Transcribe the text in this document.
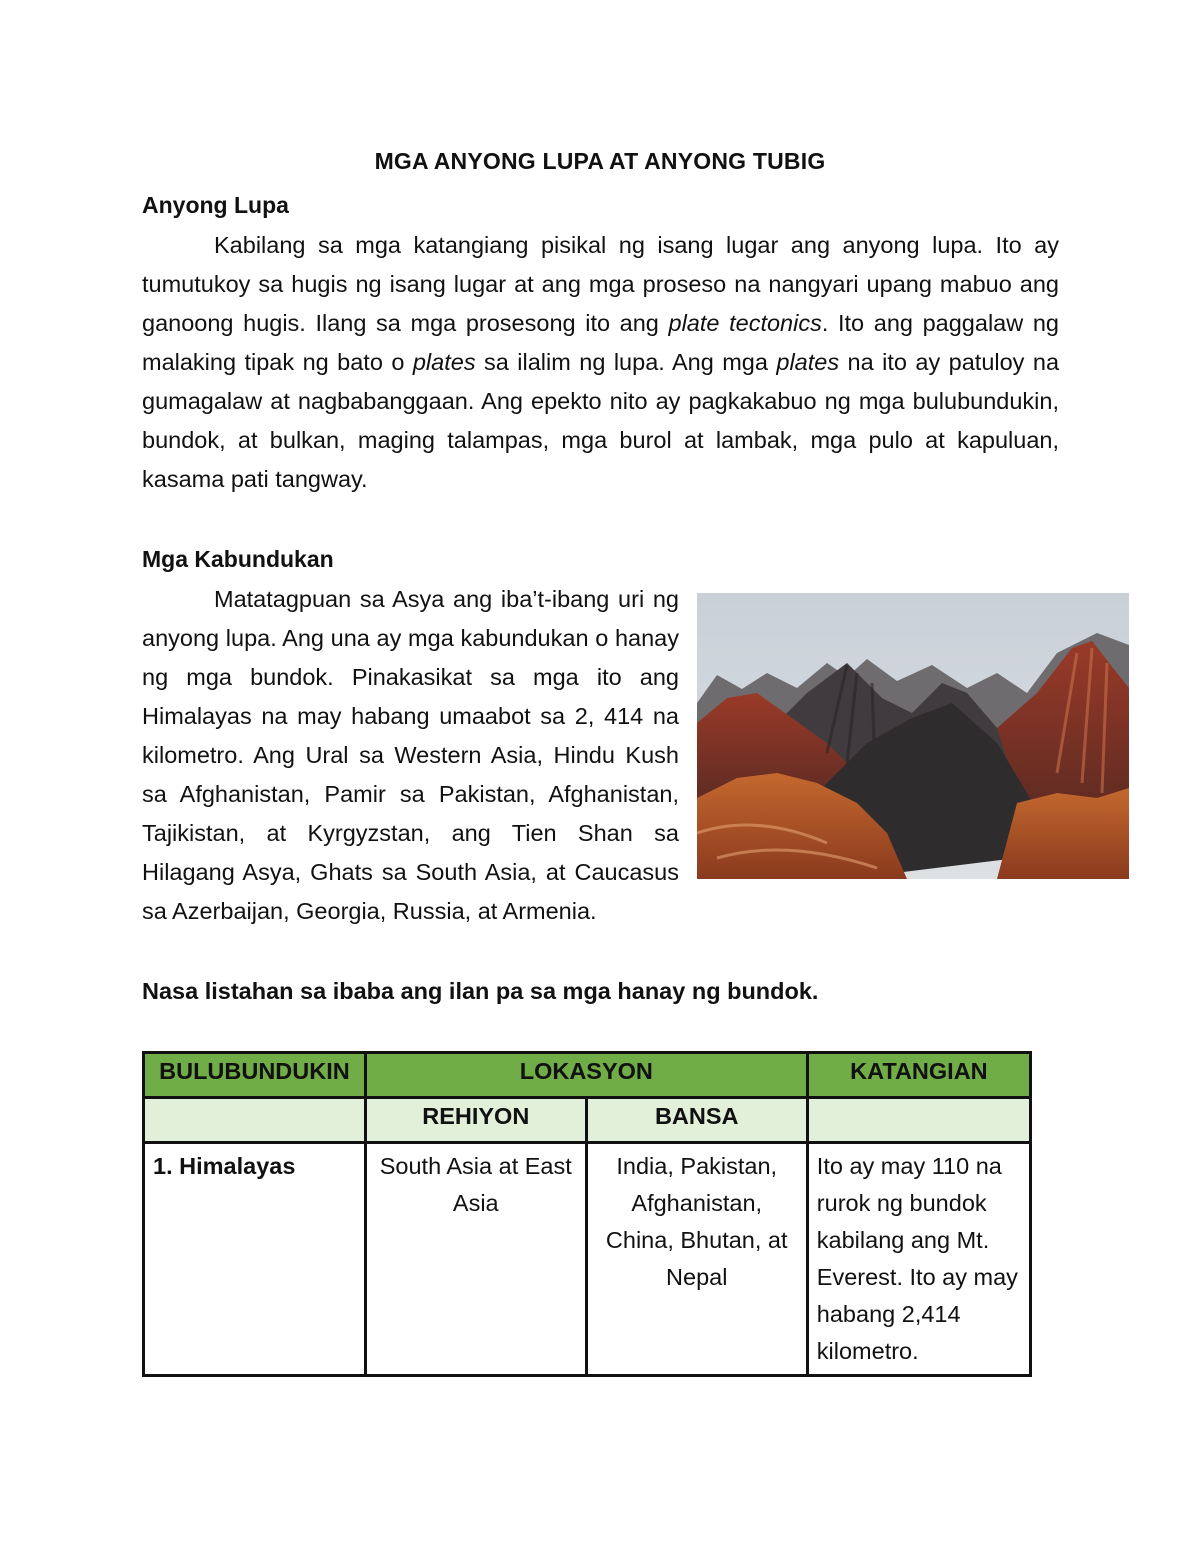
MGA ANYONG LUPA AT ANYONG TUBIG
Anyong Lupa

Kabilang sa mga katangiang pisikal ng isang lugar ang anyong lupa. Ito ay tumutukoy sa hugis ng isang lugar at ang mga proseso na nangyari upang mabuo ang ganoong hugis. Ilang sa mga prosesong ito ang plate tectonics. Ito ang paggalaw ng malaking tipak ng bato o plates sa ilalim ng lupa. Ang mga plates na ito ay patuloy na gumagalaw at nagbabanggaan. Ang epekto nito ay pagkakabuo ng mga bulubundukin, bundok, at bulkan, maging talampas, mga burol at lambak, mga pulo at kapuluan, kasama pati tangway.

Mga Kabundukan

Matatagpuan sa Asya ang iba’t-ibang uri ng anyong lupa. Ang una ay mga kabundukan o hanay ng mga bundok. Pinakasikat sa mga ito ang Himalayas na may habang umaabot sa 2, 414 na kilometro. Ang Ural sa Western Asia, Hindu Kush sa Afghanistan, Pamir sa Pakistan, Afghanistan, Tajikistan, at Kyrgyzstan, ang Tien Shan sa Hilagang Asya, Ghats sa South Asia, at Caucasus sa Azerbaijan, Georgia, Russia, at Armenia.

Nasa listahan sa ibaba ang ilan pa sa mga hanay ng bundok.
BULUBUNDUKIN	LOKASYON		KATANGIAN
	REHIYON	BANSA	
1. Himalayas	South Asia at East Asia	India, Pakistan, Afghanistan, China, Bhutan, at Nepal	Ito ay may 110 na rurok ng bundok kabilang ang Mt. Everest. Ito ay may habang 2,414 kilometro.
